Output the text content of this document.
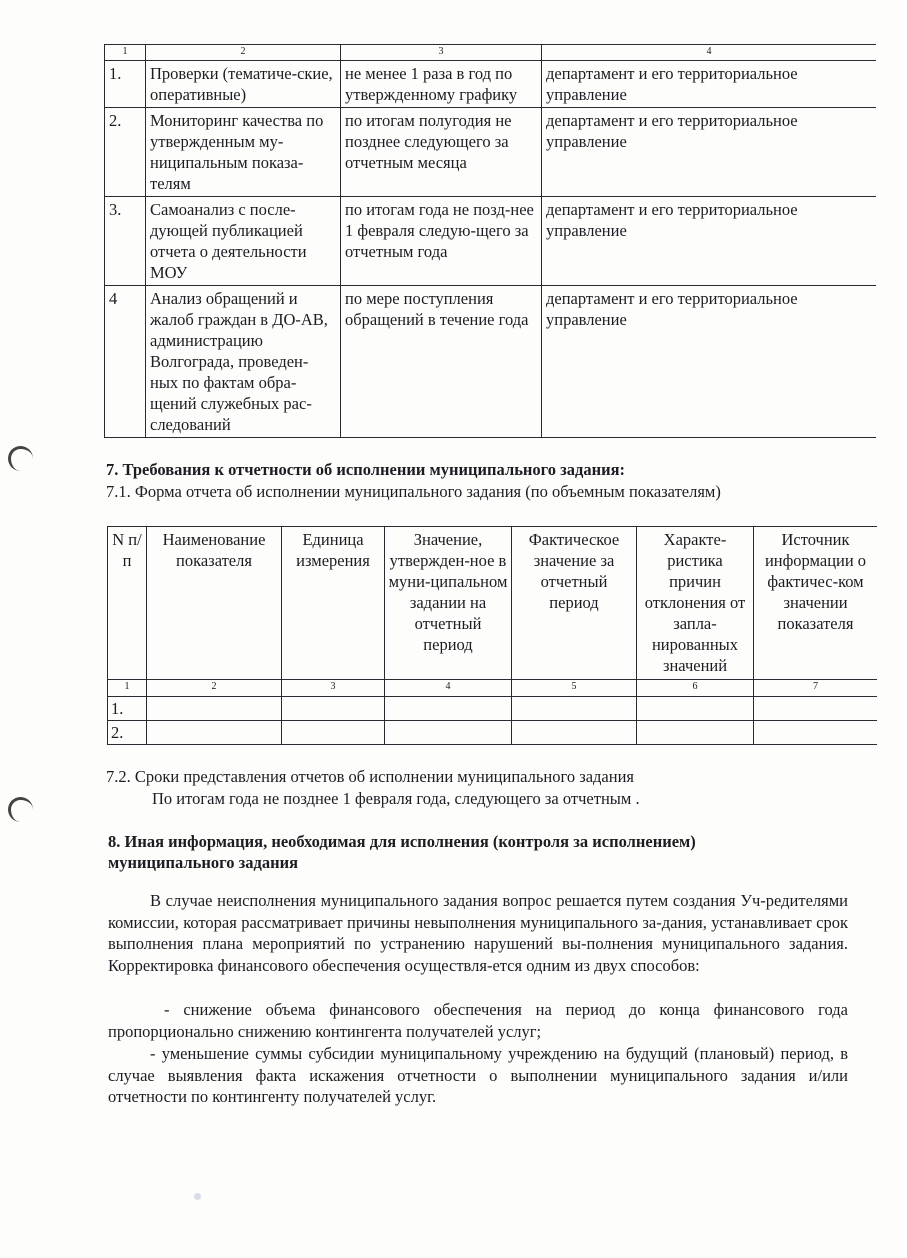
1	2	3	4
1.	Проверки (тематиче-ские, оперативные)	не менее 1 раза в год по утвержденному графику	департамент и его территориальное управление
2.	Мониторинг качества по утвержденным му-ниципальным показа-телям	по итогам полугодия не позднее следующего за отчетным месяца	департамент и его территориальное управление
3.	Самоанализ с после-дующей публикацией отчета о деятельности МОУ	по итогам года не позд-нее 1 февраля следую-щего за отчетным года	департамент и его территориальное управление
4	Анализ обращений и жалоб граждан в ДО-АВ, администрацию Волгограда, проведен-ных по фактам обра-щений служебных рас-следований	по мере поступления обращений в течение года	департамент и его территориальное управление
7. Требования к отчетности об исполнении муниципального задания:

7.1. Форма отчета об исполнении муниципального задания (по объемным показателям)

N п/п	Наименование показателя	Единица измерения	Значение, утвержден-ное в муни-ципальном задании на отчетный период	Фактическое значение за отчетный период	Характе-ристика причин отклонения от запла-нированных значений	Источник информации о фактичес-ком значении показателя
1	2	3	4	5	6	7
1.						
2.						

7.2. Сроки представления отчетов об исполнении муниципального задания

По итогам года не позднее 1 февраля года, следующего за отчетным .

8. Иная информация, необходимая для исполнения (контроля за исполнением)
муниципального задания

В случае неисполнения муниципального задания вопрос решается путем создания Уч-редителями комиссии, которая рассматривает причины невыполнения муниципального за-дания, устанавливает срок выполнения плана мероприятий по устранению нарушений вы-полнения муниципального задания. Корректировка финансового обеспечения осуществля-ется одним из двух способов:

- снижение объема финансового обеспечения на период до конца финансового года пропорционально снижению контингента получателей услуг;

- уменьшение суммы субсидии муниципальному учреждению на будущий (плановый) период, в случае выявления факта искажения отчетности о выполнении муниципального задания и/или отчетности по контингенту получателей услуг.
